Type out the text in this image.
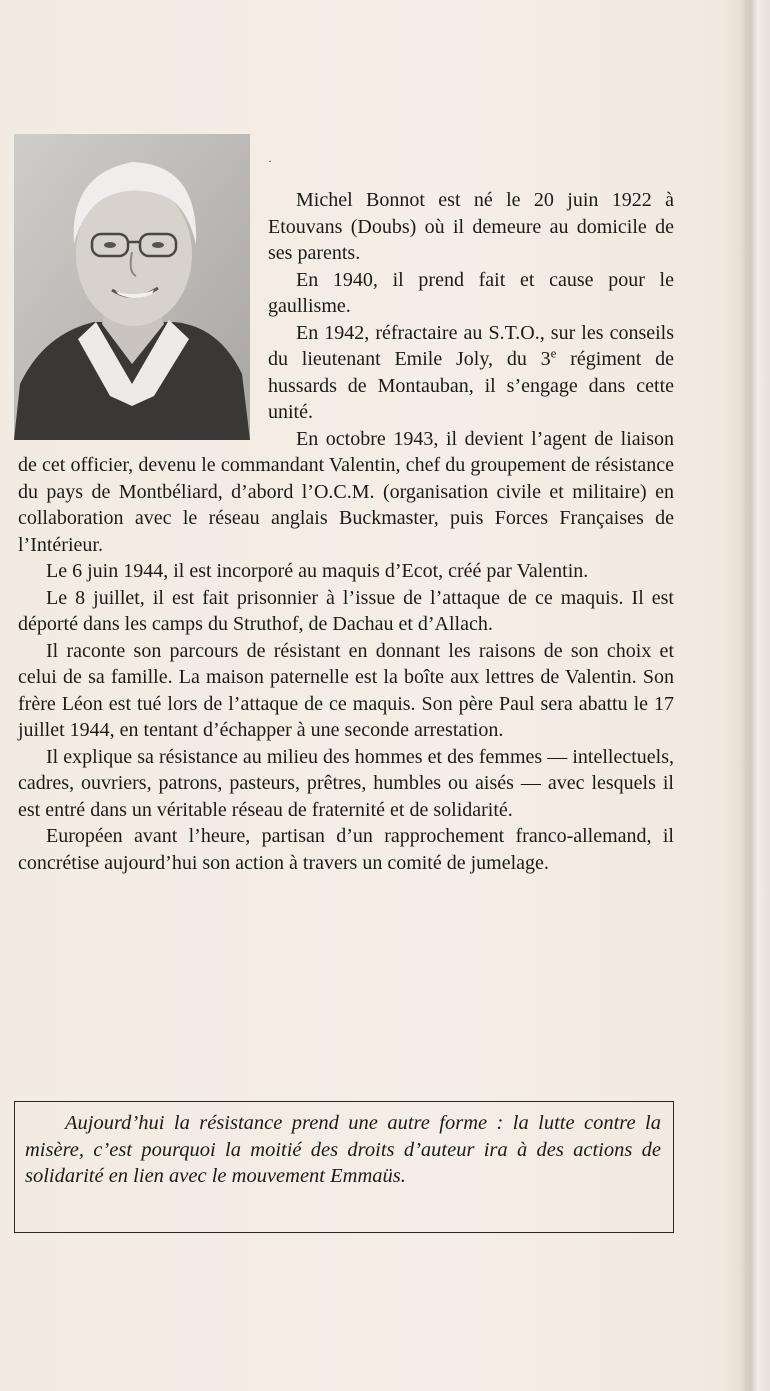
·

Michel Bonnot est né le 20 juin 1922 à Etouvans (Doubs) où il demeure au domicile de ses parents.

En 1940, il prend fait et cause pour le gaullisme.

En 1942, réfractaire au S.T.O., sur les conseils du lieutenant Emile Joly, du 3e régiment de hussards de Montauban, il s’engage dans cette unité.

En octobre 1943, il devient l’agent de liaison de cet officier, devenu le commandant Valentin, chef du groupement de résistance du pays de Montbéliard, d’abord l’O.C.M. (organisation civile et militaire) en collaboration avec le réseau anglais Buckmaster, puis Forces Françaises de l’Intérieur.

Le 6 juin 1944, il est incorporé au maquis d’Ecot, créé par Valentin.

Le 8 juillet, il est fait prisonnier à l’issue de l’attaque de ce maquis. Il est déporté dans les camps du Struthof, de Dachau et d’Allach.

Il raconte son parcours de résistant en donnant les raisons de son choix et celui de sa famille. La maison paternelle est la boîte aux lettres de Valentin. Son frère Léon est tué lors de l’attaque de ce maquis. Son père Paul sera abattu le 17 juillet 1944, en tentant d’échapper à une seconde arrestation.

Il explique sa résistance au milieu des hommes et des femmes — intellectuels, cadres, ouvriers, patrons, pasteurs, prêtres, humbles ou aisés — avec lesquels il est entré dans un véritable réseau de fraternité et de solidarité.

Européen avant l’heure, partisan d’un rapprochement franco-allemand, il concrétise aujourd’hui son action à travers un comité de jumelage.

Aujourd’hui la résistance prend une autre forme : la lutte contre la misère, c’est pourquoi la moitié des droits d’auteur ira à des actions de solidarité en lien avec le mouvement Emmaüs.
